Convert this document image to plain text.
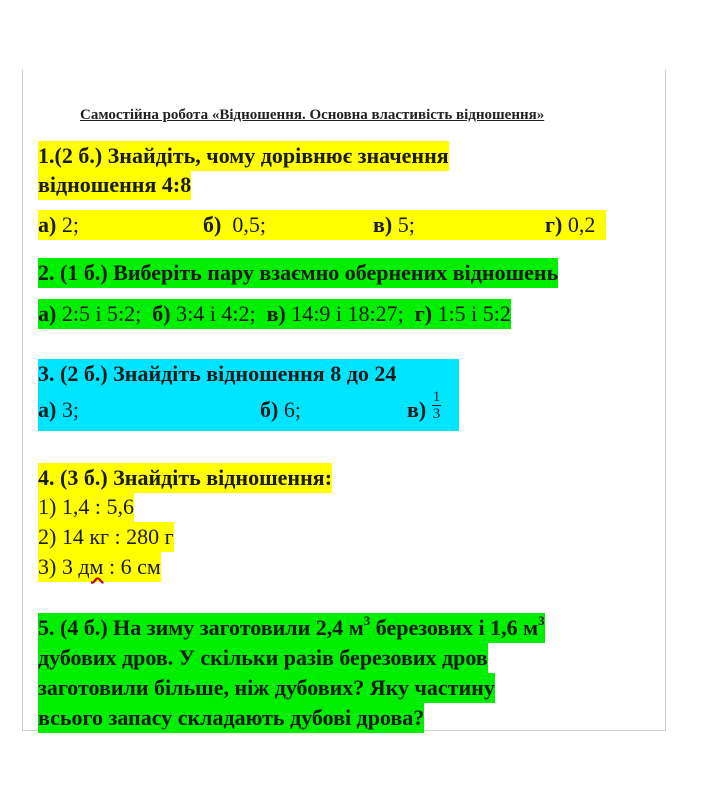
Самостійна робота «Відношення. Основна властивість відношення»
1.(2 б.) Знайдіть, чому дорівнює значення
відношення 4:8
а) 2;	б) 0,5;	в) 5;	г) 0,2
2. (1 б.) Виберіть пару взаємно обернених відношень
а) 2:5 і 5:2; б) 3:4 і 4:2; в) 14:9 і 18:27; г) 1:5 і 5:2
3. (2 б.) Знайдіть відношення 8 до 24
а) 3;	б) 6;	$в) \frac{1}{3}$
4. (3 б.) Знайдіть відношення:
1) 1,4 : 5,6
2) 14 кг : 280 г
3) 3 дм : 6 см
5. (4 б.) На зиму заготовили 2,4 $м^3$ березових і 1,6 $м^3$
дубових дров. У скільки разів березових дров
заготовили більше, ніж дубових? Яку частину
всього запасу складають дубові дрова?
